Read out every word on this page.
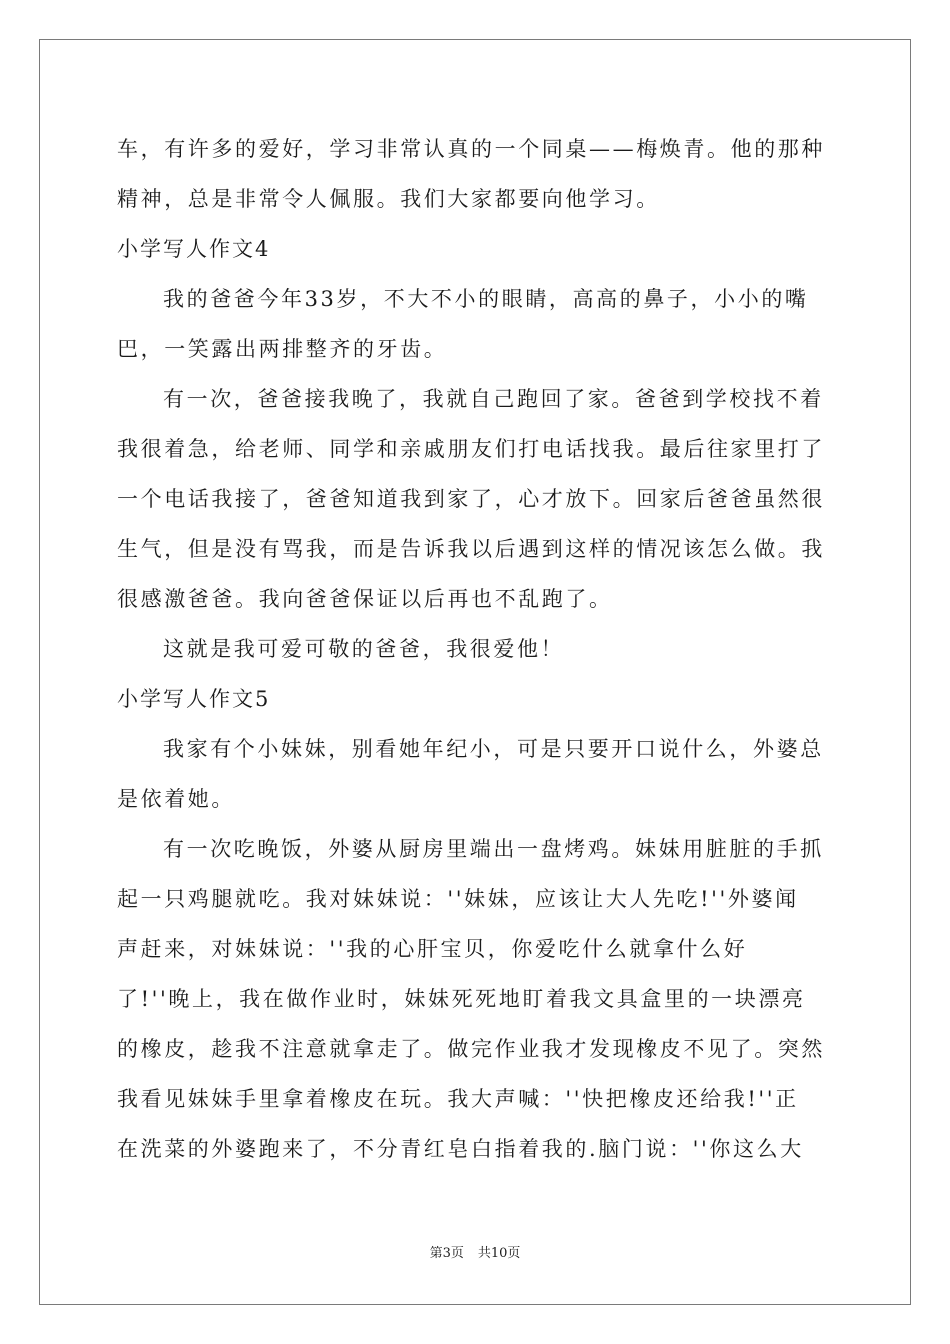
车，有许多的爱好，学习非常认真的一个同桌——梅焕青。他的那种
精神，总是非常令人佩服。我们大家都要向他学习。
小学写人作文4
我的爸爸今年33岁，不大不小的眼睛，高高的鼻子，小小的嘴
巴，一笑露出两排整齐的牙齿。
有一次，爸爸接我晚了，我就自己跑回了家。爸爸到学校找不着
我很着急，给老师、同学和亲戚朋友们打电话找我。最后往家里打了
一个电话我接了，爸爸知道我到家了，心才放下。回家后爸爸虽然很
生气，但是没有骂我，而是告诉我以后遇到这样的情况该怎么做。我
很感激爸爸。我向爸爸保证以后再也不乱跑了。
这就是我可爱可敬的爸爸，我很爱他！
小学写人作文5
我家有个小妹妹，别看她年纪小，可是只要开口说什么，外婆总
是依着她。
有一次吃晚饭，外婆从厨房里端出一盘烤鸡。妹妹用脏脏的手抓
起一只鸡腿就吃。我对妹妹说：''妹妹，应该让大人先吃!''外婆闻
声赶来，对妹妹说：''我的心肝宝贝，你爱吃什么就拿什么好
了!''晚上，我在做作业时，妹妹死死地盯着我文具盒里的一块漂亮
的橡皮，趁我不注意就拿走了。做完作业我才发现橡皮不见了。突然
我看见妹妹手里拿着橡皮在玩。我大声喊：''快把橡皮还给我!''正
在洗菜的外婆跑来了，不分青红皂白指着我的.脑门说：''你这么大
第3页 共10页
